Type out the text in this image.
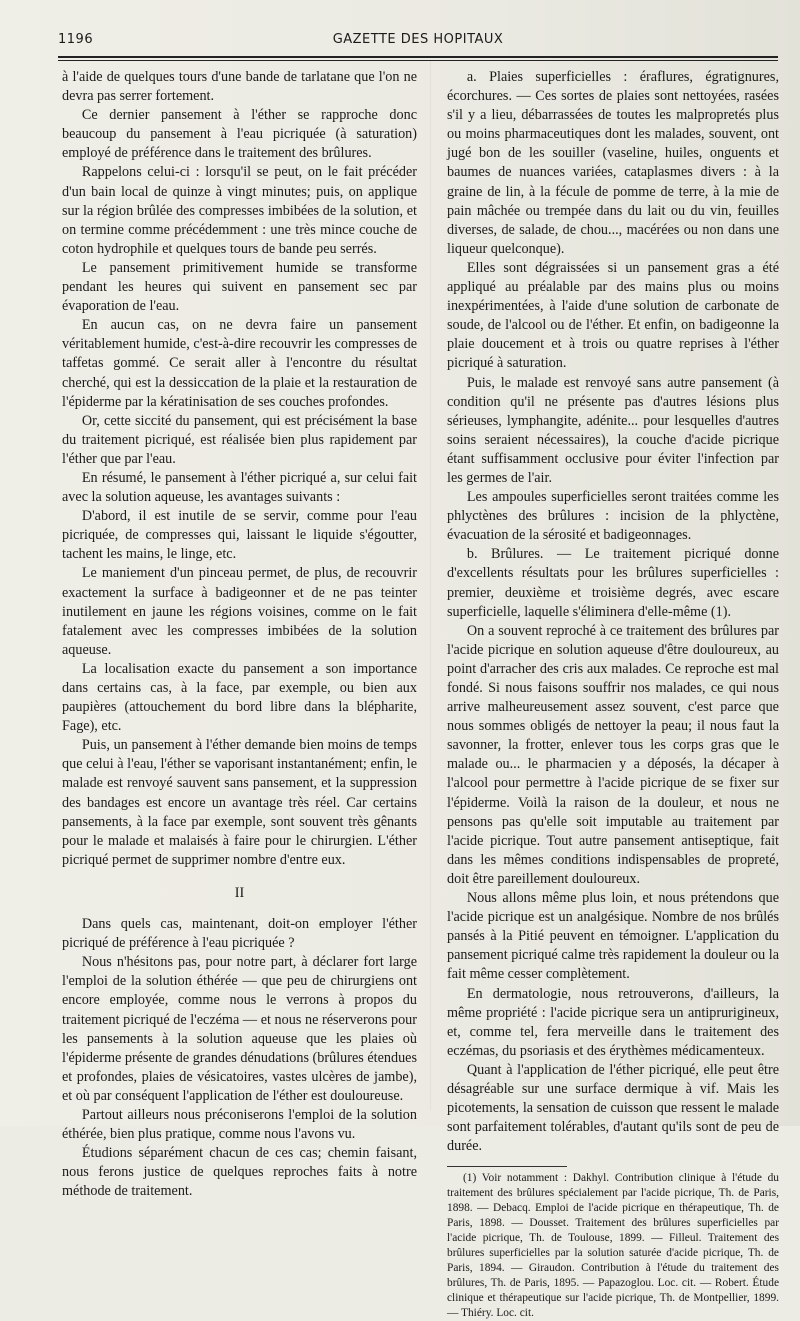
1196	GAZETTE DES HOPITAUX

à l'aide de quelques tours d'une bande de tarlatane que l'on ne devra pas serrer fortement.

Ce dernier pansement à l'éther se rapproche donc beaucoup du pansement à l'eau picriquée (à saturation) employé de préférence dans le traitement des brûlures.

Rappelons celui-ci : lorsqu'il se peut, on le fait précéder d'un bain local de quinze à vingt minutes; puis, on applique sur la région brûlée des compresses imbibées de la solution, et on termine comme précédemment : une très mince couche de coton hydrophile et quelques tours de bande peu serrés.

Le pansement primitivement humide se transforme pendant les heures qui suivent en pansement sec par évaporation de l'eau.

En aucun cas, on ne devra faire un pansement véritablement humide, c'est-à-dire recouvrir les compresses de taffetas gommé. Ce serait aller à l'encontre du résultat cherché, qui est la dessiccation de la plaie et la restauration de l'épiderme par la kératinisation de ses couches profondes.

Or, cette siccité du pansement, qui est précisément la base du traitement picriqué, est réalisée bien plus rapidement par l'éther que par l'eau.

En résumé, le pansement à l'éther picriqué a, sur celui fait avec la solution aqueuse, les avantages suivants :

D'abord, il est inutile de se servir, comme pour l'eau picriquée, de compresses qui, laissant le liquide s'égoutter, tachent les mains, le linge, etc.

Le maniement d'un pinceau permet, de plus, de recouvrir exactement la surface à badigeonner et de ne pas teinter inutilement en jaune les régions voisines, comme on le fait fatalement avec les compresses imbibées de la solution aqueuse.

La localisation exacte du pansement a son importance dans certains cas, à la face, par exemple, ou bien aux paupières (attouchement du bord libre dans la blépharite, Fage), etc.

Puis, un pansement à l'éther demande bien moins de temps que celui à l'eau, l'éther se vaporisant instantanément; enfin, le malade est renvoyé sauvent sans pansement, et la suppression des bandages est encore un avantage très réel. Car certains pansements, à la face par exemple, sont souvent très gênants pour le malade et malaisés à faire pour le chirurgien. L'éther picriqué permet de supprimer nombre d'entre eux.

II

Dans quels cas, maintenant, doit-on employer l'éther picriqué de préférence à l'eau picriquée ?

Nous n'hésitons pas, pour notre part, à déclarer fort large l'emploi de la solution éthérée — que peu de chirurgiens ont encore employée, comme nous le verrons à propos du traitement picriqué de l'eczéma — et nous ne réserverons pour les pansements à la solution aqueuse que les plaies où l'épiderme présente de grandes dénudations (brûlures étendues et profondes, plaies de vésicatoires, vastes ulcères de jambe), et où par conséquent l'application de l'éther est douloureuse.

Partout ailleurs nous préconiserons l'emploi de la solution éthérée, bien plus pratique, comme nous l'avons vu.

Étudions séparément chacun de ces cas; chemin faisant, nous ferons justice de quelques reproches faits à notre méthode de traitement.

a. Plaies superficielles : éraflures, égratignures, écorchures. — Ces sortes de plaies sont nettoyées, rasées s'il y a lieu, débarrassées de toutes les malpropretés plus ou moins pharmaceutiques dont les malades, souvent, ont jugé bon de les souiller (vaseline, huiles, onguents et baumes de nuances variées, cataplasmes divers : à la graine de lin, à la fécule de pomme de terre, à la mie de pain mâchée ou trempée dans du lait ou du vin, feuilles diverses, de salade, de chou..., macérées ou non dans une liqueur quelconque).

Elles sont dégraissées si un pansement gras a été appliqué au préalable par des mains plus ou moins inexpérimentées, à l'aide d'une solution de carbonate de soude, de l'alcool ou de l'éther. Et enfin, on badigeonne la plaie doucement et à trois ou quatre reprises à l'éther picriqué à saturation.

Puis, le malade est renvoyé sans autre pansement (à condition qu'il ne présente pas d'autres lésions plus sérieuses, lymphangite, adénite... pour lesquelles d'autres soins seraient nécessaires), la couche d'acide picrique étant suffisamment occlusive pour éviter l'infection par les germes de l'air.

Les ampoules superficielles seront traitées comme les phlyctènes des brûlures : incision de la phlyctène, évacuation de la sérosité et badigeonnages.

b. Brûlures. — Le traitement picriqué donne d'excellents résultats pour les brûlures superficielles : premier, deuxième et troisième degrés, avec escare superficielle, laquelle s'éliminera d'elle-même (1).

On a souvent reproché à ce traitement des brûlures par l'acide picrique en solution aqueuse d'être douloureux, au point d'arracher des cris aux malades. Ce reproche est mal fondé. Si nous faisons souffrir nos malades, ce qui nous arrive malheureusement assez souvent, c'est parce que nous sommes obligés de nettoyer la peau; il nous faut la savonner, la frotter, enlever tous les corps gras que le malade ou... le pharmacien y a déposés, la décaper à l'alcool pour permettre à l'acide picrique de se fixer sur l'épiderme. Voilà la raison de la douleur, et nous ne pensons pas qu'elle soit imputable au traitement par l'acide picrique. Tout autre pansement antiseptique, fait dans les mêmes conditions indispensables de propreté, doit être pareillement douloureux.

Nous allons même plus loin, et nous prétendons que l'acide picrique est un analgésique. Nombre de nos brûlés pansés à la Pitié peuvent en témoigner. L'application du pansement picriqué calme très rapidement la douleur ou la fait même cesser complètement.

En dermatologie, nous retrouverons, d'ailleurs, la même propriété : l'acide picrique sera un antiprurigineux, et, comme tel, fera merveille dans le traitement des eczémas, du psoriasis et des érythèmes médicamenteux.

Quant à l'application de l'éther picriqué, elle peut être désagréable sur une surface dermique à vif. Mais les picotements, la sensation de cuisson que ressent le malade sont parfaitement tolérables, d'autant qu'ils sont de peu de durée.

(1) Voir notamment : Dakhyl. Contribution clinique à l'étude du traitement des brûlures spécialement par l'acide picrique, Th. de Paris, 1898. — Debacq. Emploi de l'acide picrique en thérapeutique, Th. de Paris, 1898. — Dousset. Traitement des brûlures superficielles par l'acide picrique, Th. de Toulouse, 1899. — Filleul. Traitement des brûlures superficielles par la solution saturée d'acide picrique, Th. de Paris, 1894. — Giraudon. Contribution à l'étude du traitement des brûlures, Th. de Paris, 1895. — Papazoglou. Loc. cit. — Robert. Étude clinique et thérapeutique sur l'acide picrique, Th. de Montpellier, 1899. — Thiéry. Loc. cit.
